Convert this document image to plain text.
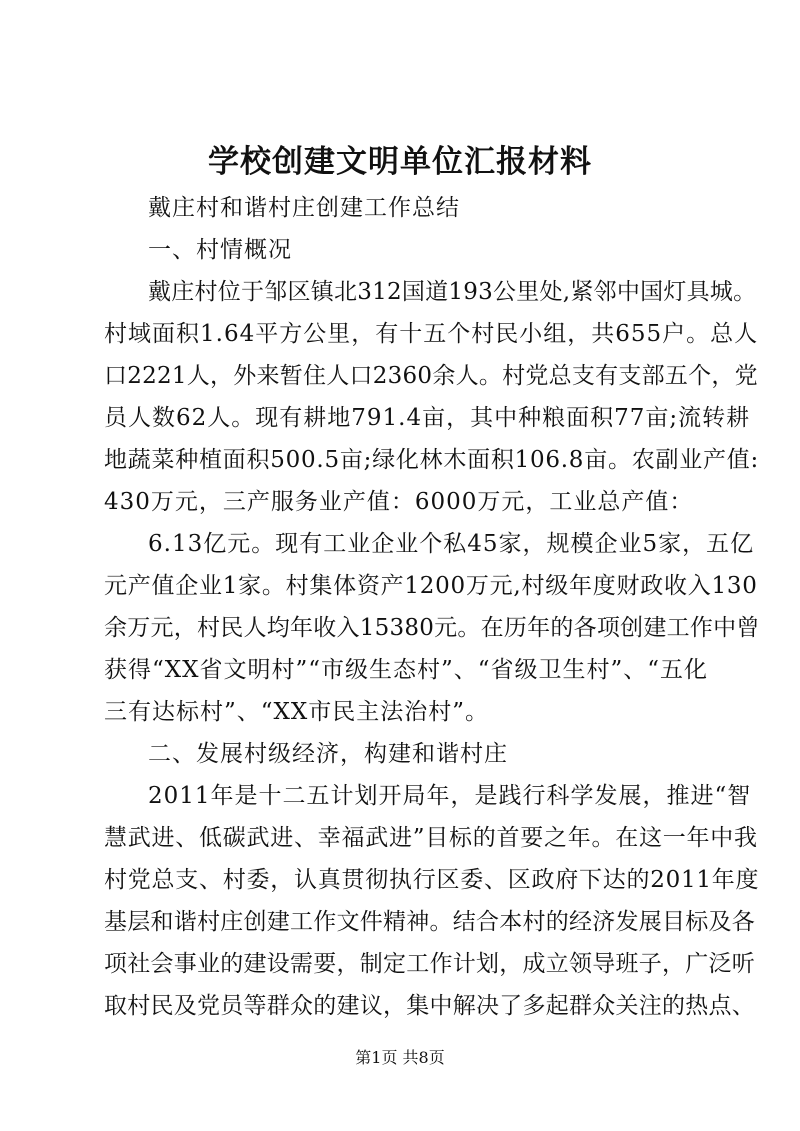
学校创建文明单位汇报材料

戴庄村和谐村庄创建工作总结

一、村情概况

戴庄村位于邹区镇北312国道193公里处,紧邻中国灯具城。

村域面积1.64平方公里，有十五个村民小组，共655户。总人

口2221人，外来暂住人口2360余人。村党总支有支部五个，党

员人数62人。现有耕地791.4亩，其中种粮面积77亩;流转耕

地蔬菜种植面积500.5亩;绿化林木面积106.8亩。农副业产值:

430万元，三产服务业产值：6000万元，工业总产值：

6.13亿元。现有工业企业个私45家，规模企业5家，五亿

元产值企业1家。村集体资产1200万元,村级年度财政收入130

余万元，村民人均年收入15380元。在历年的各项创建工作中曾

获得“XX省文明村”“市级生态村”、“省级卫生村”、“五化

三有达标村”、“XX市民主法治村”。

二、发展村级经济，构建和谐村庄

2011年是十二五计划开局年，是践行科学发展，推进“智

慧武进、低碳武进、幸福武进”目标的首要之年。在这一年中我

村党总支、村委，认真贯彻执行区委、区政府下达的2011年度

基层和谐村庄创建工作文件精神。结合本村的经济发展目标及各

项社会事业的建设需要，制定工作计划，成立领导班子，广泛听

取村民及党员等群众的建议，集中解决了多起群众关注的热点、

第1页 共8页
